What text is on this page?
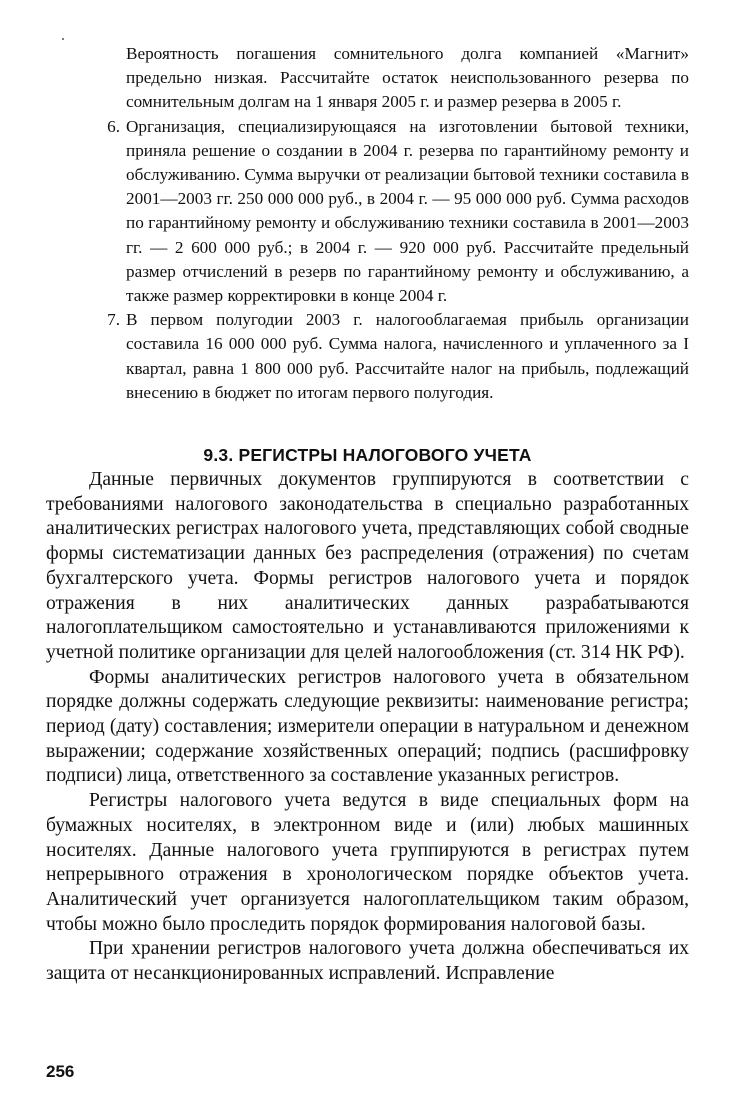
Вероятность погашения сомнительного долга компанией «Магнит» предельно низкая. Рассчитайте остаток неиспользованного резерва по сомнительным долгам на 1 января 2005 г. и размер резерва в 2005 г.

6. Организация, специализирующаяся на изготовлении бытовой техники, приняла решение о создании в 2004 г. резерва по гарантийному ремонту и обслуживанию. Сумма выручки от реализации бытовой техники составила в 2001—2003 гг. 250 000 000 руб., в 2004 г. — 95 000 000 руб. Сумма расходов по гарантийному ремонту и обслуживанию техники составила в 2001—2003 гг. — 2 600 000 руб.; в 2004 г. — 920 000 руб. Рассчитайте предельный размер отчислений в резерв по гарантийному ремонту и обслуживанию, а также размер корректировки в конце 2004 г.
7. В первом полугодии 2003 г. налогооблагаемая прибыль организации составила 16 000 000 руб. Сумма налога, начисленного и уплаченного за I квартал, равна 1 800 000 руб. Рассчитайте налог на прибыль, подлежащий внесению в бюджет по итогам первого полугодия.
9.3. РЕГИСТРЫ НАЛОГОВОГО УЧЕТА

Данные первичных документов группируются в соответствии с требованиями налогового законодательства в специально разработанных аналитических регистрах налогового учета, представляющих собой сводные формы систематизации данных без распределения (отражения) по счетам бухгалтерского учета. Формы регистров налогового учета и порядок отражения в них аналитических данных разрабатываются налогоплательщиком самостоятельно и устанавливаются приложениями к учетной политике организации для целей налогообложения (ст. 314 НК РФ).

Формы аналитических регистров налогового учета в обязательном порядке должны содержать следующие реквизиты: наименование регистра; период (дату) составления; измерители операции в натуральном и денежном выражении; содержание хозяйственных операций; подпись (расшифровку подписи) лица, ответственного за составление указанных регистров.

Регистры налогового учета ведутся в виде специальных форм на бумажных носителях, в электронном виде и (или) любых машинных носителях. Данные налогового учета группируются в регистрах путем непрерывного отражения в хронологическом порядке объектов учета. Аналитический учет организуется налогоплательщиком таким образом, чтобы можно было проследить порядок формирования налоговой базы.

При хранении регистров налогового учета должна обеспечиваться их защита от несанкционированных исправлений. Исправление

256
